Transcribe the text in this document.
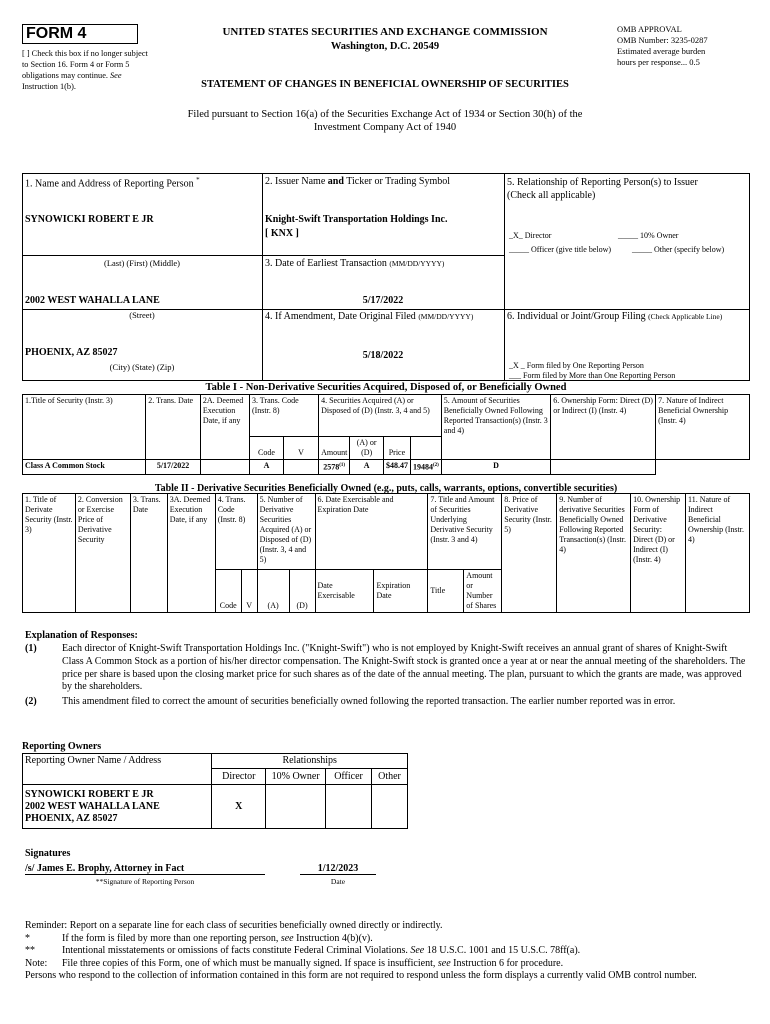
FORM 4
[ ] Check this box if no longer subject to Section 16. Form 4 or Form 5 obligations may continue. See Instruction 1(b).
UNITED STATES SECURITIES AND EXCHANGE COMMISSION
Washington, D.C. 20549
STATEMENT OF CHANGES IN BENEFICIAL OWNERSHIP OF SECURITIES
OMB APPROVAL
OMB Number: 3235-0287
Estimated average burden
hours per response... 0.5
Filed pursuant to Section 16(a) of the Securities Exchange Act of 1934 or Section 30(h) of the
Investment Company Act of 1940
1. Name and Address of Reporting Person *
SYNOWICKI ROBERT E JR
(Last) (First) (Middle)
2002 WEST WAHALLA LANE
(Street)
PHOENIX, AZ 85027
(City) (State) (Zip)
2. Issuer Name and Ticker or Trading Symbol
Knight-Swift Transportation Holdings Inc.
[ KNX ]
3. Date of Earliest Transaction (MM/DD/YYYY)
5/17/2022
4. If Amendment, Date Original Filed (MM/DD/YYYY)
5/18/2022
5. Relationship of Reporting Person(s) to Issuer
(Check all applicable)
_X_ Director	_____ 10% Owner
_____ Officer (give title below)	_____ Other (specify below)
6. Individual or Joint/Group Filing (Check Applicable Line)
_X _ Form filed by One Reporting Person
___ Form filed by More than One Reporting Person
Table I - Non-Derivative Securities Acquired, Disposed of, or Beneficially Owned
1.Title of Security (Instr. 3)	2. Trans. Date	2A. Deemed Execution Date, if any	3. Trans. Code (Instr. 8)		4. Securities Acquired (A) or Disposed of (D) (Instr. 3, 4 and 5)				5. Amount of Securities Beneficially Owned Following Reported Transaction(s) (Instr. 3 and 4)	6. Ownership Form: Direct (D) or Indirect (I) (Instr. 4)	7. Nature of Indirect Beneficial Ownership (Instr. 4)
			Code	V	Amount	(A) or (D)	Price				
Class A Common Stock	5/17/2022		A		2578$^{(1)}$	A	$48.47	19484$^{(2)}$	D		
Table II - Derivative Securities Beneficially Owned (e.g., puts, calls, warrants, options, convertible securities)
1. Title of Derivate Security (Instr. 3)	2. Conversion or Exercise Price of Derivative Security	3. Trans. Date	3A. Deemed Execution Date, if any	4. Trans. Code (Instr. 8)		5. Number of Derivative Securities Acquired (A) or Disposed of (D) (Instr. 3, 4 and 5)		6. Date Exercisable and Expiration Date		7. Title and Amount of Securities Underlying Derivative Security (Instr. 3 and 4)		8. Price of Derivative Security (Instr. 5)	9. Number of derivative Securities Beneficially Owned Following Reported Transaction(s) (Instr. 4)	10. Ownership Form of Derivative Security: Direct (D) or Indirect (I) (Instr. 4)	11. Nature of Indirect Beneficial Ownership (Instr. 4)
				Code	V	(A)	(D)	Date Exercisable	Expiration Date	Title	Amount or Number of Shares				
Explanation of Responses:
(1)	Each director of Knight-Swift Transportation Holdings Inc. ("Knight-Swift") who is not employed by Knight-Swift receives an annual grant of shares of Knight-Swift Class A Common Stock as a portion of his/her director compensation. The Knight-Swift stock is granted once a year at or near the annual meeting of the shareholders. The price per share is based upon the closing market price for such shares as of the date of the annual meeting. The plan, pursuant to which the grants are made, was approved by the shareholders.
(2)	This amendment filed to correct the amount of securities beneficially owned following the reported transaction. The earlier number reported was in error.
Reporting Owners
Reporting Owner Name / Address	Relationships			
	Director	10% Owner	Officer	Other

SYNOWICKI ROBERT E JR
2002 WEST WAHALLA LANE
PHOENIX, AZ 85027	X			
Signatures
/s/ James E. Brophy, Attorney in Fact
**Signature of Reporting Person
1/12/2023
Date
Reminder: Report on a separate line for each class of securities beneficially owned directly or indirectly.
*	If the form is filed by more than one reporting person, see Instruction 4(b)(v).
**	Intentional misstatements or omissions of facts constitute Federal Criminal Violations. See 18 U.S.C. 1001 and 15 U.S.C. 78ff(a).
Note: File three copies of this Form, one of which must be manually signed. If space is insufficient, see Instruction 6 for procedure.
Persons who respond to the collection of information contained in this form are not required to respond unless the form displays a currently valid OMB control number.
